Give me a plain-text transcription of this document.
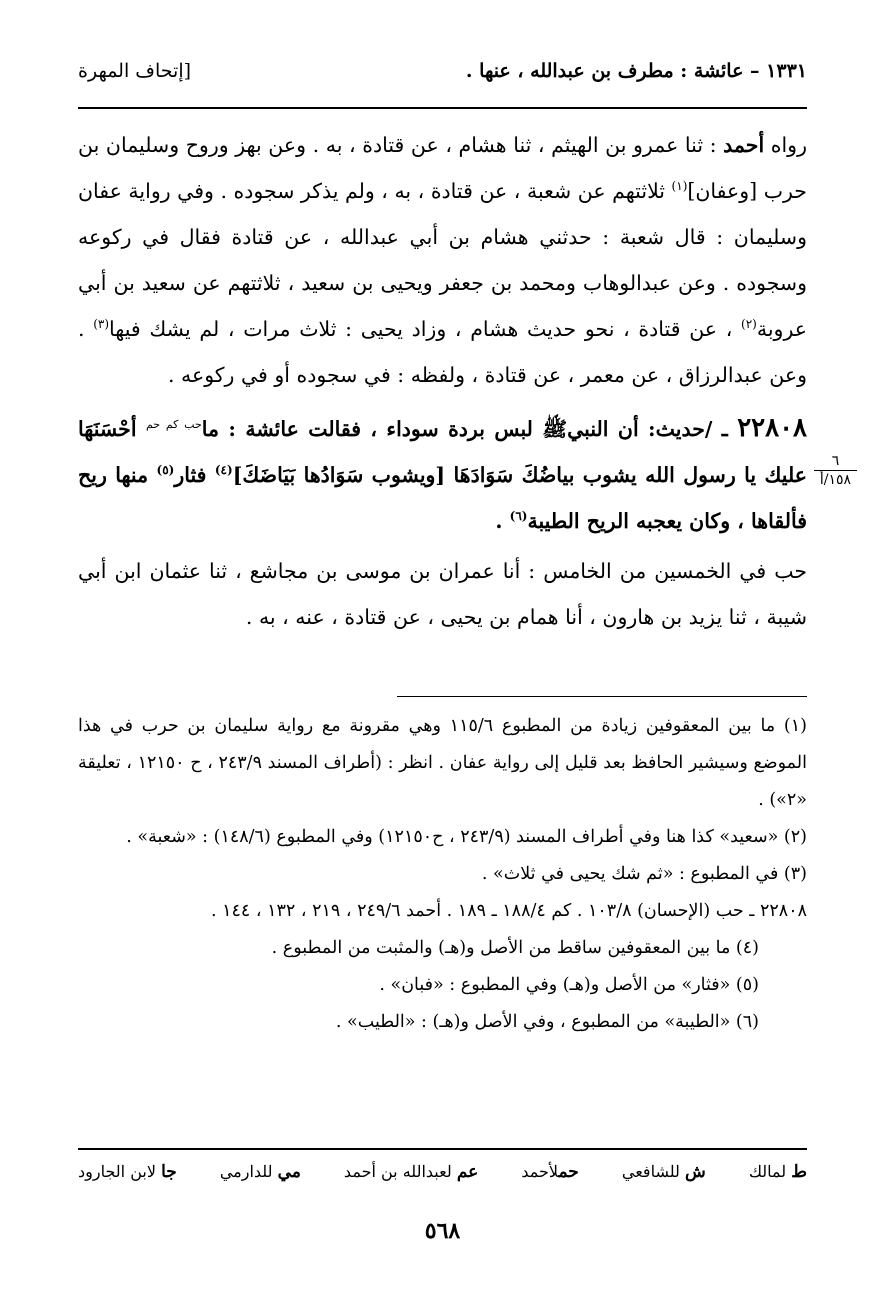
١٣٣١ – عائشة : مطرف بن عبدالله ، عنها .
[إتحاف المهرة
٦
١٥٨/أ

رواه أحمد : ثنا عمرو بن الهيثم ، ثنا هشام ، عن قتادة ، به . وعن بهز وروح وسليمان بن حرب [وعفان]$^{(١)}$ ثلاثتهم عن شعبة ، عن قتادة ، به ، ولم يذكر سجوده . وفي رواية عفان وسليمان : قال شعبة : حدثني هشام بن أبي عبدالله ، عن قتادة فقال في ركوعه وسجوده . وعن عبدالوهاب ومحمد بن جعفر ويحيى بن سعيد ، ثلاثتهم عن سعيد بن أبي عروبة$^{(٢)}$ ، عن قتادة ، نحو حديث هشام ، وزاد يحيى : ثلاث مرات ، لم يشك فيها$^{(٣)}$ . وعن عبدالرزاق ، عن معمر ، عن قتادة ، ولفظه : في سجوده أو في ركوعه .

٢٢٨٠٨ ـ /حديث: أن النبيﷺ لبس بردة سوداء ، فقالت عائشة : ما$^{حب كم حم}$ أحْسَنَهَا عليك يا رسول الله يشوب بياضُكَ سَوَادَهَا [ويشوب سَوَادُها بَيَاضَكَ]$^{(٤)}$ فثار$^{(٥)}$ منها ريح فألقاها ، وكان يعجبه الريح الطيبة$^{(٦)}$ .

حب في الخمسين من الخامس : أنا عمران بن موسى بن مجاشع ، ثنا عثمان ابن أبي شيبة ، ثنا يزيد بن هارون ، أنا همام بن يحيى ، عن قتادة ، عنه ، به .

(١) ما بين المعقوفين زيادة من المطبوع ١١٥/٦ وهي مقرونة مع رواية سليمان بن حرب في هذا الموضع وسيشير الحافظ بعد قليل إلى رواية عفان . انظر : (أطراف المسند ٢٤٣/٩ ، ح ١٢١٥٠ ، تعليقة «٢») .

(٢) «سعيد» كذا هنا وفي أطراف المسند (٢٤٣/٩ ، ح١٢١٥٠) وفي المطبوع (١٤٨/٦) : «شعبة» .

(٣) في المطبوع : «ثم شك يحيى في ثلاث» .

٢٢٨٠٨ ـ حب (الإحسان) ١٠٣/٨ . كم ١٨٨/٤ ـ ١٨٩ . أحمد ٢٤٩/٦ ، ٢١٩ ، ١٣٢ ، ١٤٤ .

(٤) ما بين المعقوفين ساقط من الأصل و(هـ) والمثبت من المطبوع .

(٥) «فثار» من الأصل و(هـ) وفي المطبوع : «فبان» .

(٦) «الطيبة» من المطبوع ، وفي الأصل و(هـ) : «الطيب» .

ط لمالك
ش للشافعي
حملأحمد
عم لعبدالله بن أحمد
مي للدارمي
جا لابن الجارود
٥٦٨
